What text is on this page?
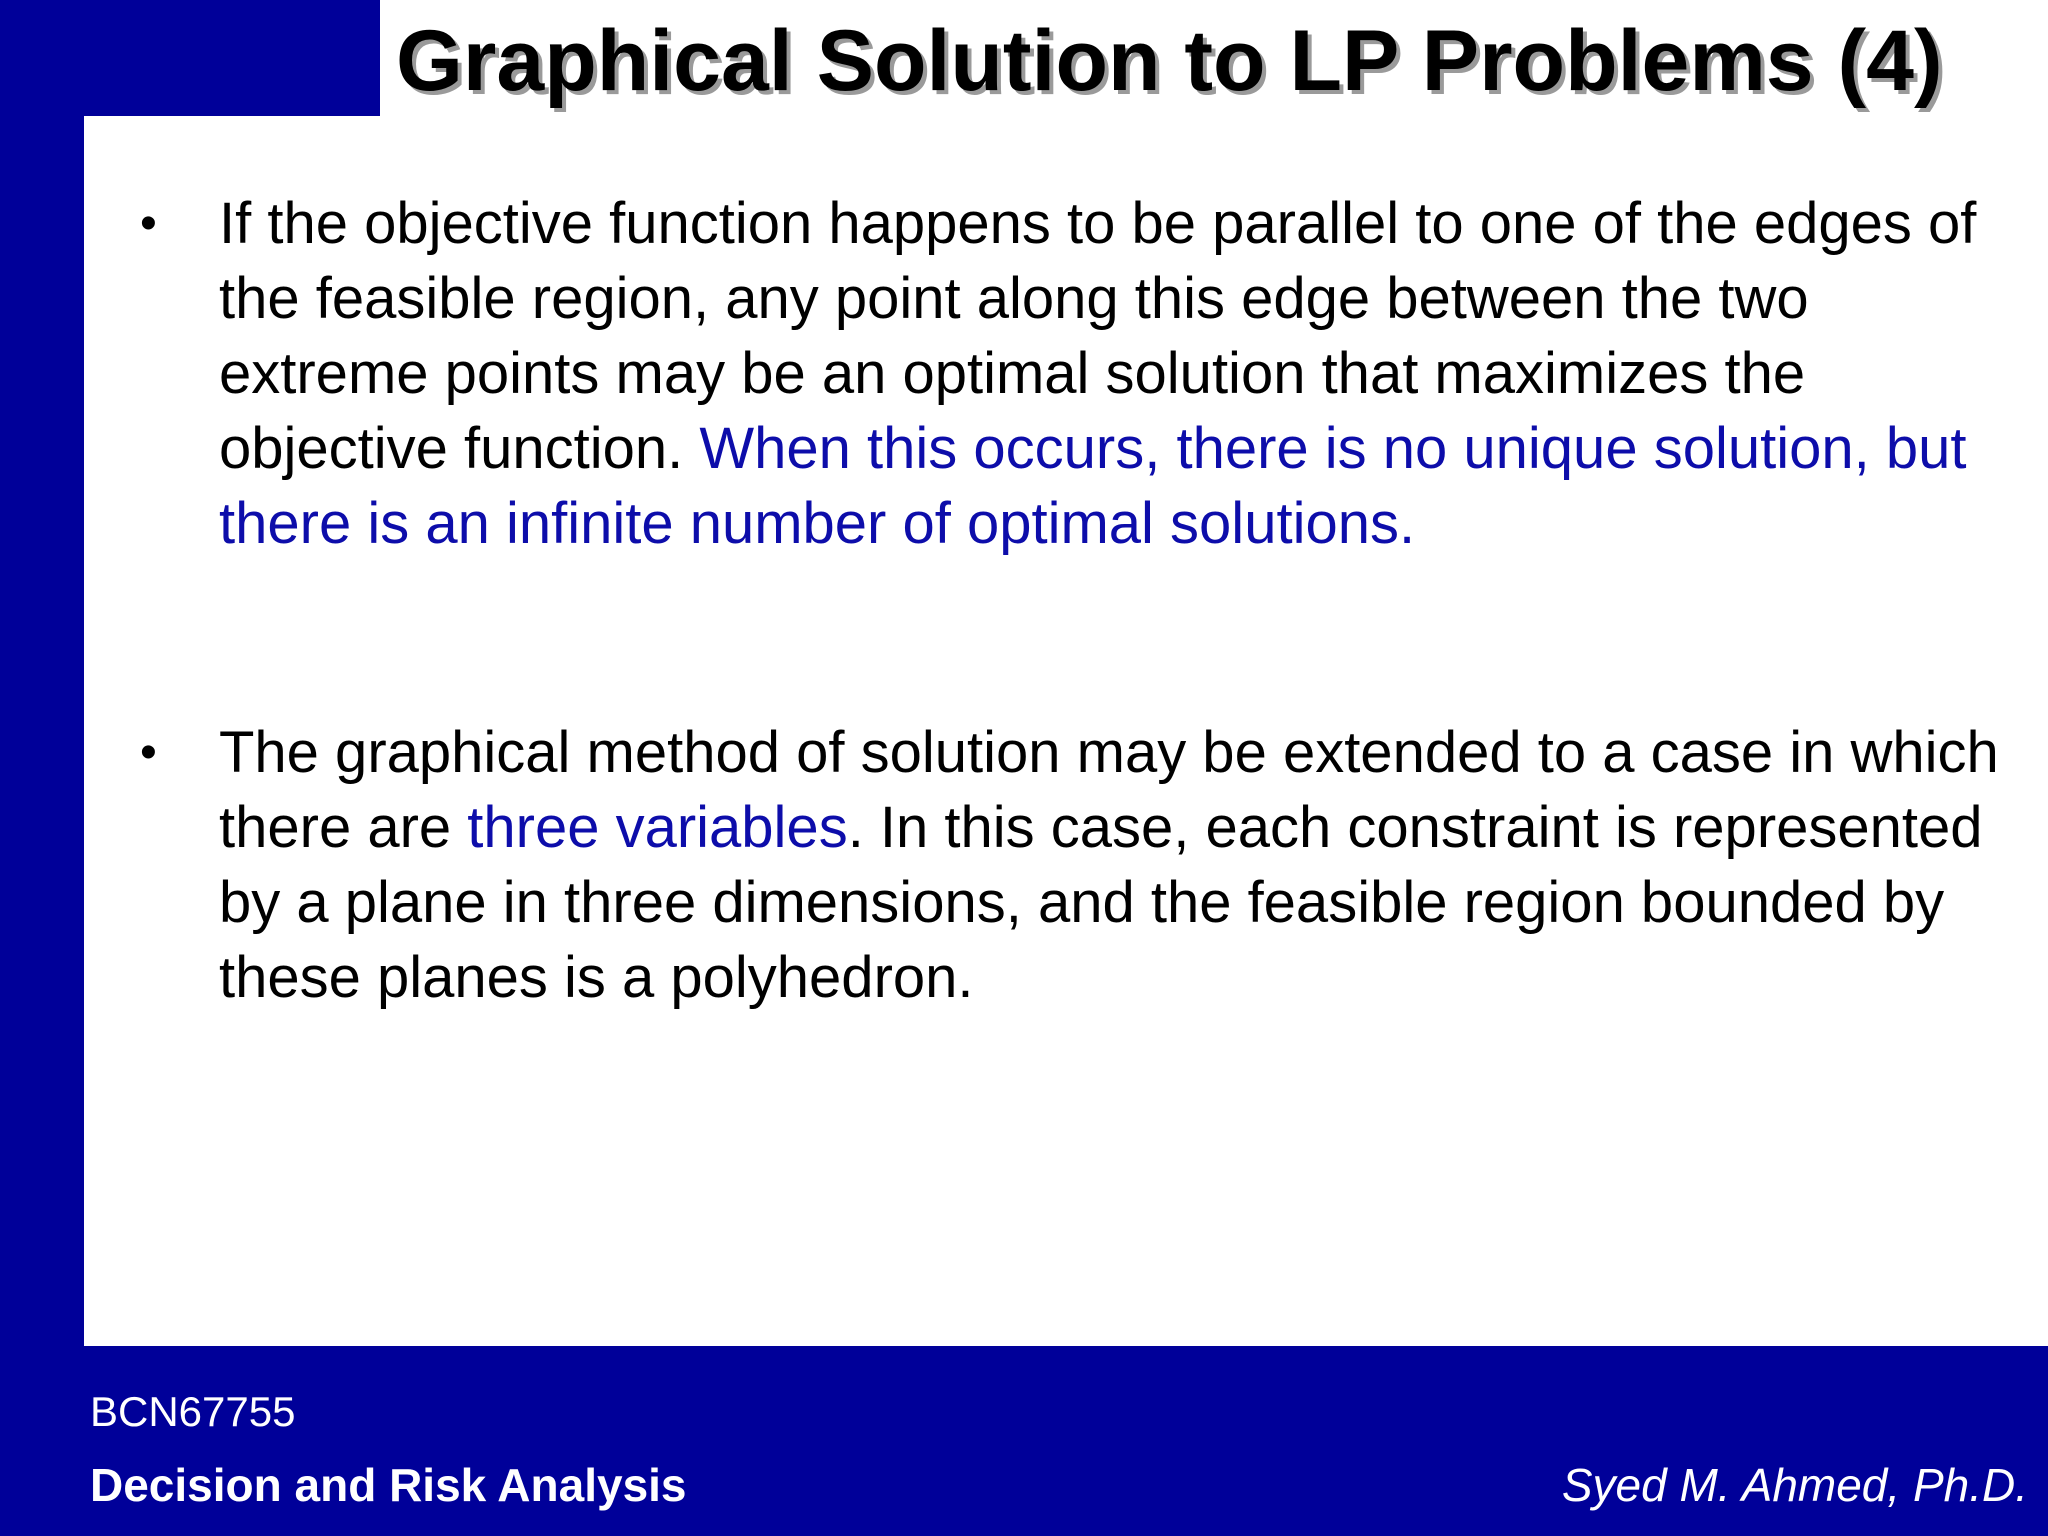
Graphical Solution to LP Problems (4)
• If the objective function happens to be parallel to one of the edges of the feasible region, any point along this edge between the two extreme points may be an optimal solution that maximizes the objective function. When this occurs, there is no unique solution, but there is an infinite number of optimal solutions.
• The graphical method of solution may be extended to a case in which there are three variables. In this case, each constraint is represented by a plane in three dimensions, and the feasible region bounded by these planes is a polyhedron.
BCN67755
Decision and Risk Analysis	Syed M. Ahmed, Ph.D.
